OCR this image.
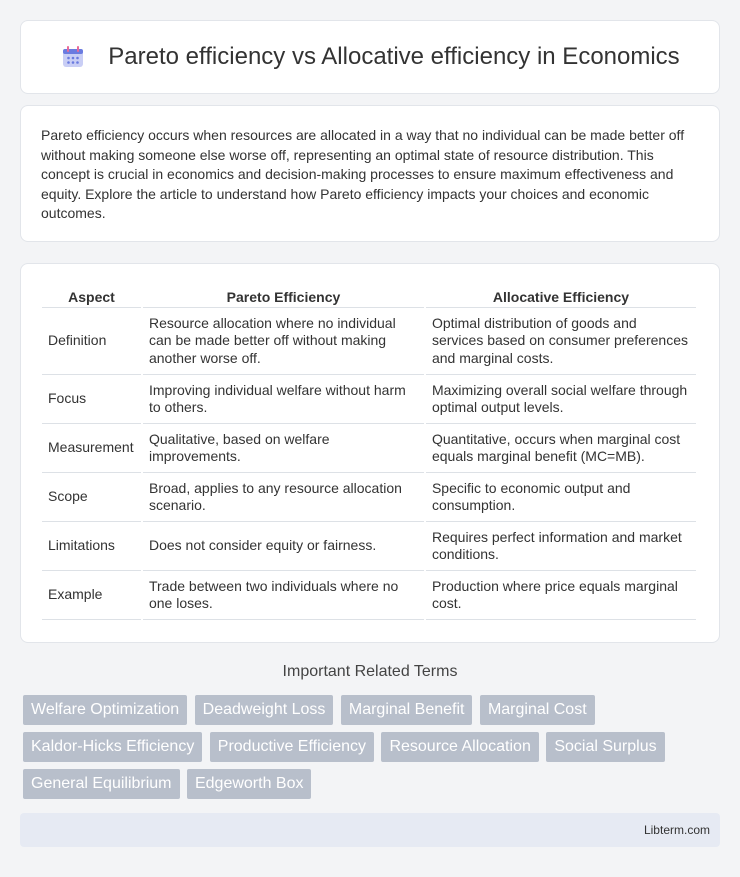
Pareto efficiency vs Allocative efficiency in Economics

Pareto efficiency occurs when resources are allocated in a way that no individual can be made better off without making someone else worse off, representing an optimal state of resource distribution. This concept is crucial in economics and decision-making processes to ensure maximum effectiveness and equity. Explore the article to understand how Pareto efficiency impacts your choices and economic outcomes.

Aspect	Pareto Efficiency	Allocative Efficiency
Definition	Resource allocation where no individual can be made better off without making another worse off.	Optimal distribution of goods and services based on consumer preferences and marginal costs.
Focus	Improving individual welfare without harm to others.	Maximizing overall social welfare through optimal output levels.
Measurement	Qualitative, based on welfare improvements.	Quantitative, occurs when marginal cost equals marginal benefit (MC=MB).
Scope	Broad, applies to any resource allocation scenario.	Specific to economic output and consumption.
Limitations	Does not consider equity or fairness.	Requires perfect information and market conditions.
Example	Trade between two individuals where no one loses.	Production where price equals marginal cost.
Important Related Terms
Welfare Optimization Deadweight Loss Marginal Benefit Marginal Cost Kaldor-Hicks Efficiency Productive Efficiency Resource Allocation Social Surplus General Equilibrium Edgeworth Box
Libterm.com
